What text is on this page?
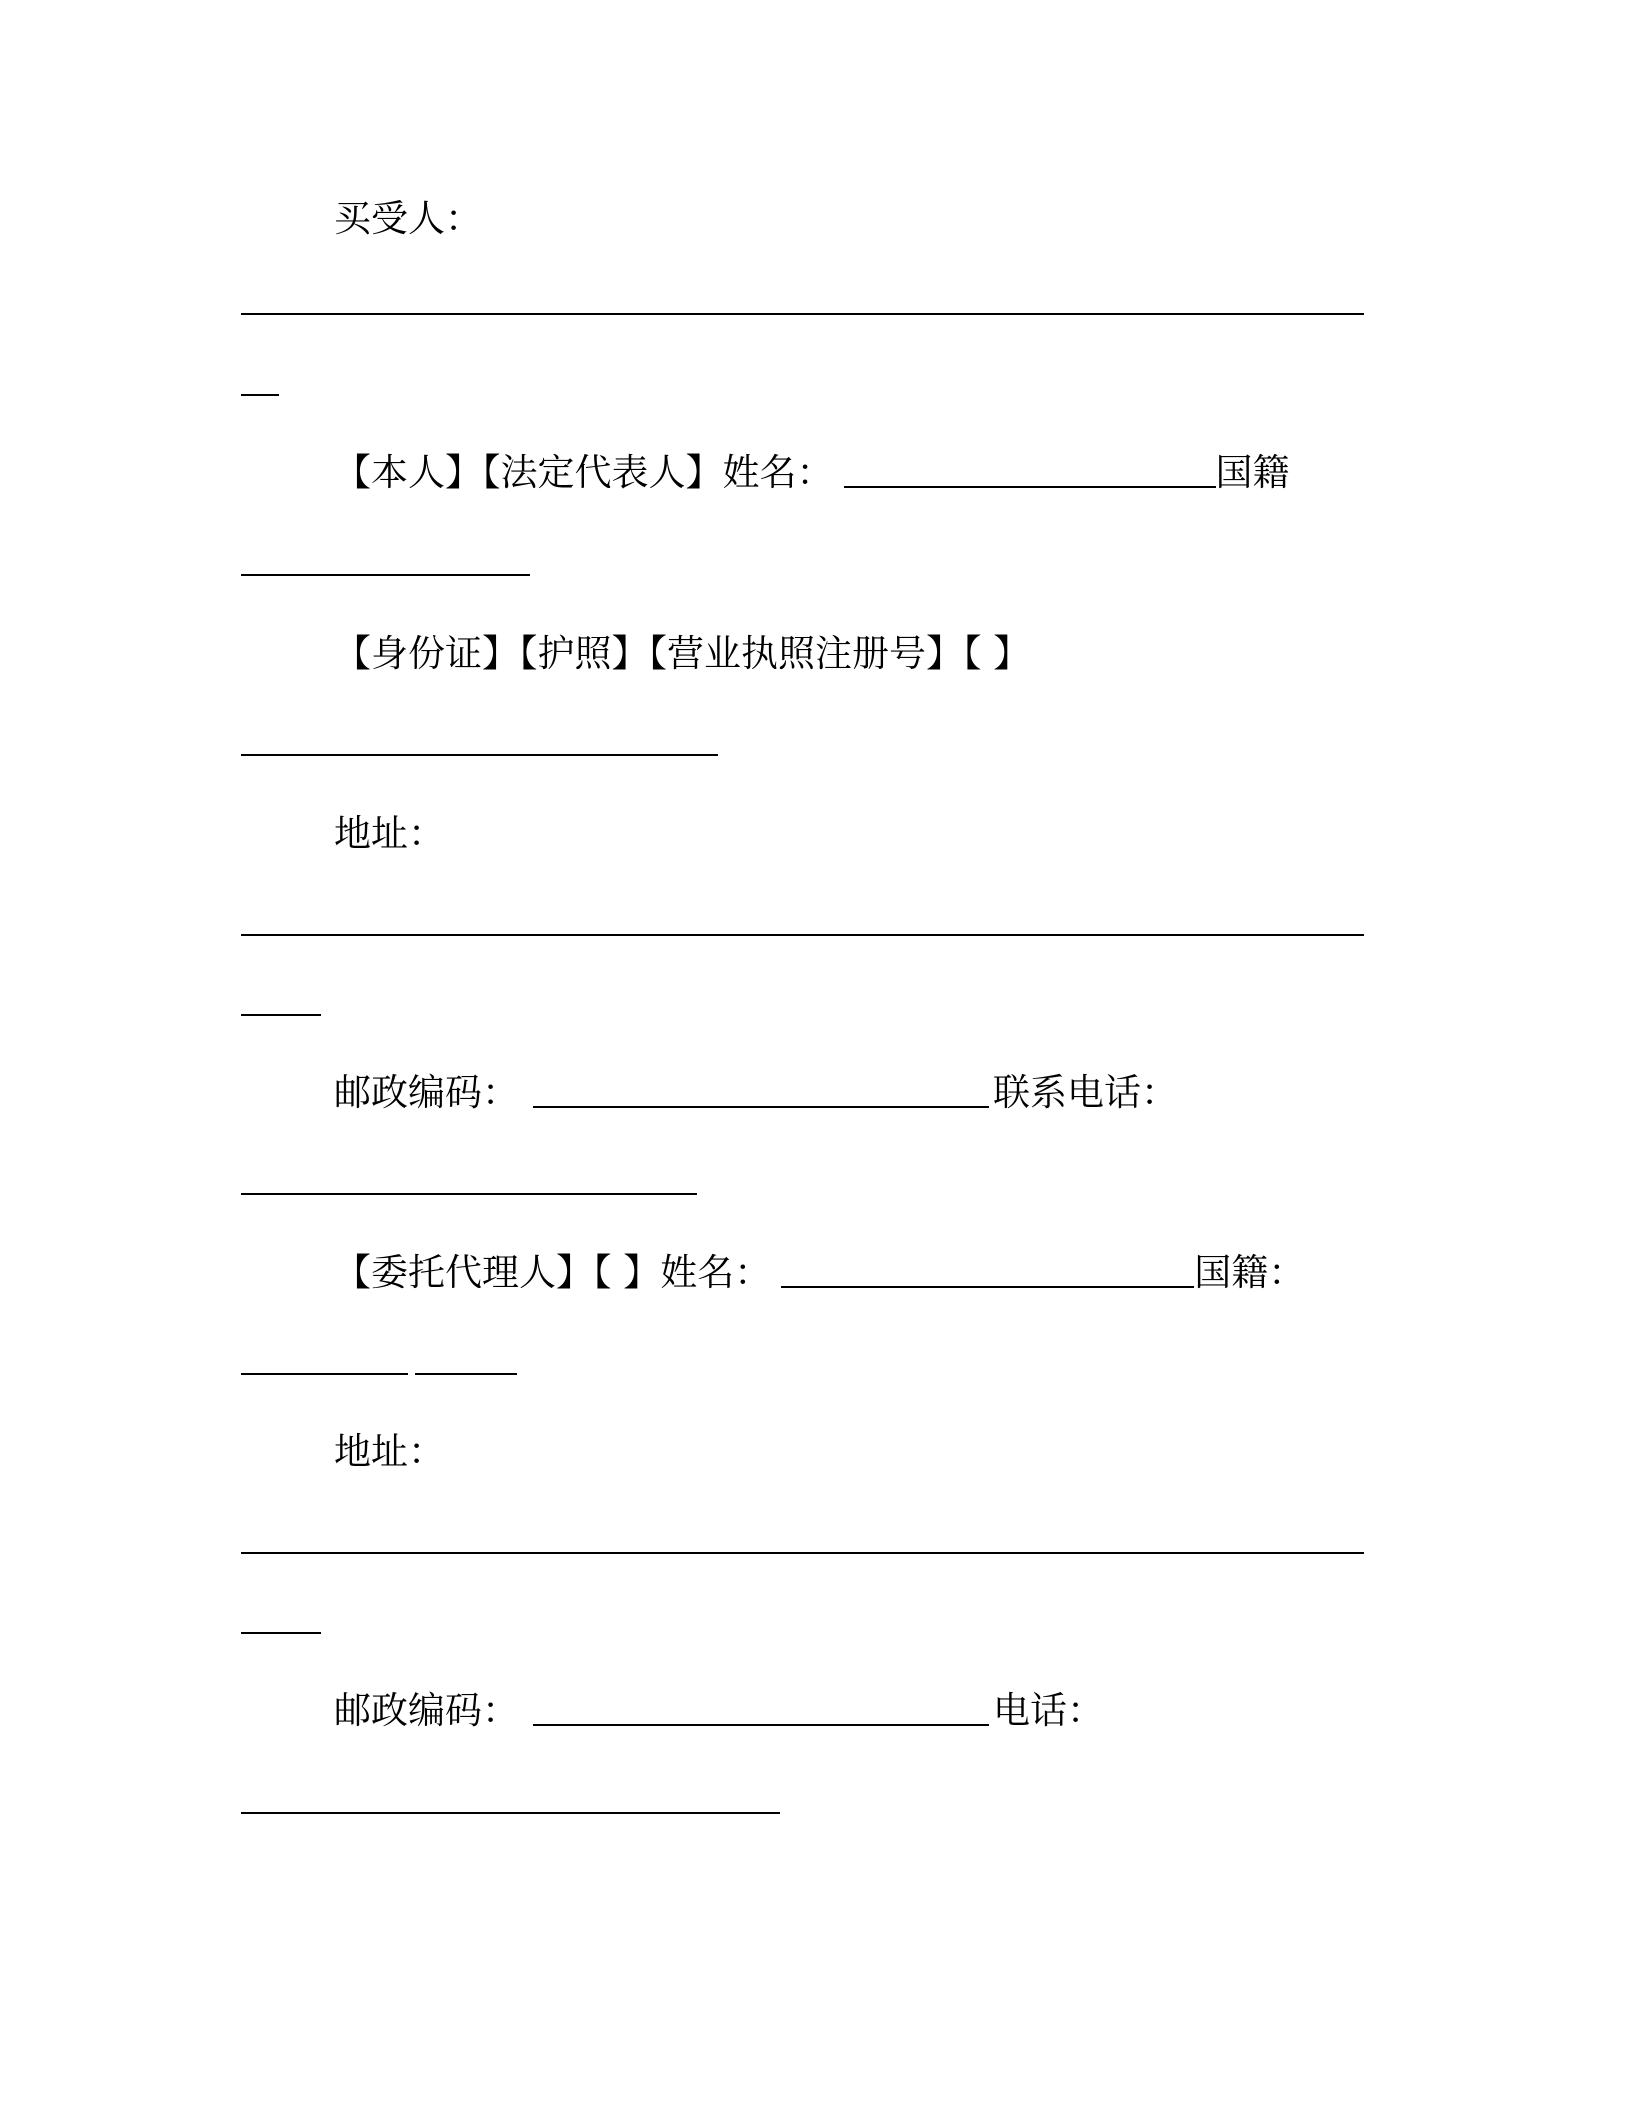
买受人：
【本人】【法定代表人】姓名：	国籍
【身份证】【护照】【营业执照注册号】【 】
地址：
邮政编码：	联系电话：
【委托代理人】【 】姓名：	国籍：
地址：
邮政编码：	电话：
